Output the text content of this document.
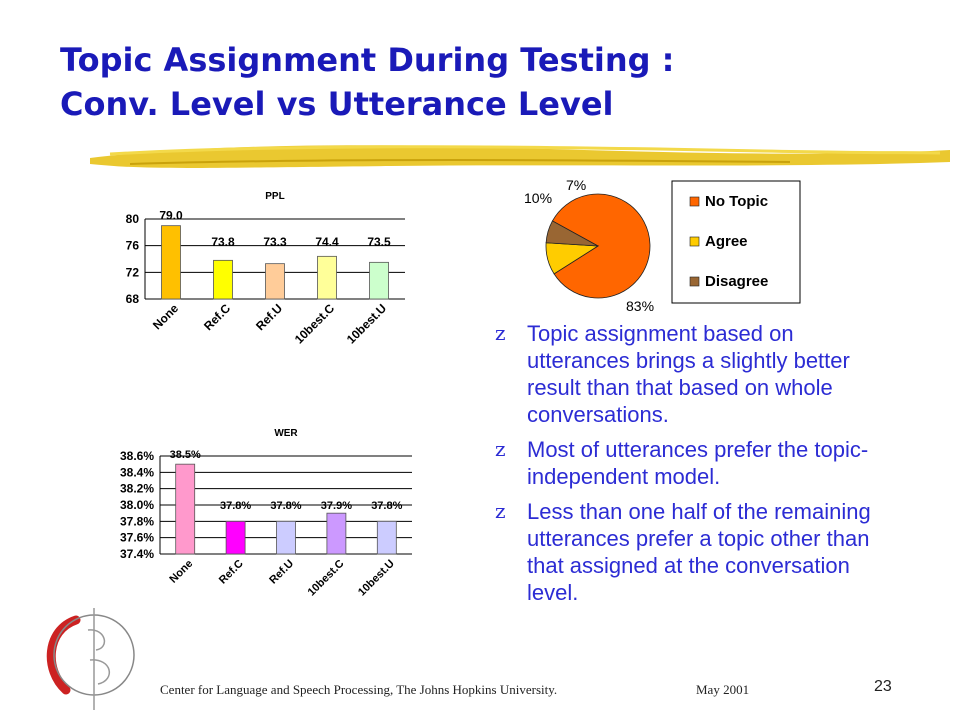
Topic Assignment During Testing :
Conv. Level vs Utterance Level
80
76
72
68
PPL
79.0
None
73.8
Ref.C
73.3
Ref.U
74.4
10best.C
73.5
10best.U
38.6%
38.4%
38.2%
38.0%
37.8%
37.6%
37.4%
WER
38.5%
None
37.8%
Ref.C
37.8%
Ref.U
37.9%
10best.C
37.8%
10best.U
83%
10%
7%
No Topic
Agree
Disagree
z Topic assignment based on utterances brings a slightly better result than that based on whole conversations.
z Most of utterances prefer the topic-independent model.
z Less than one half of the remaining utterances prefer a topic other than that assigned at the conversation level.
Center for Language and Speech Processing, The Johns Hopkins University.	May 2001	23
